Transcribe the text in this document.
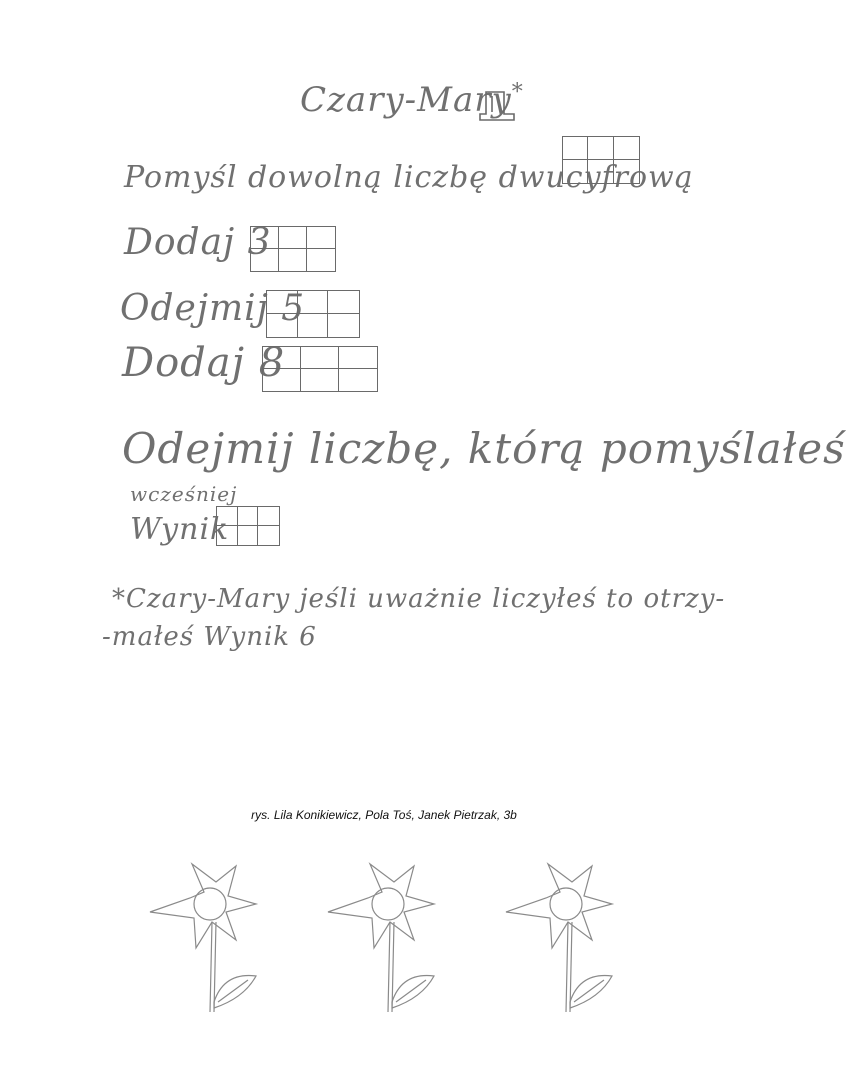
Czary-Mary*
Pomyśl dowolną liczbę dwucyfrową
Dodaj 3
Odejmij 5
Dodaj 8
Odejmij liczbę, którą pomyślałeś
wcześniej
Wynik
*Czary-Mary jeśli uważnie liczyłeś to otrzy-
-małeś Wynik 6
rys. Lila Konikiewicz, Pola Toś, Janek Pietrzak, 3b
